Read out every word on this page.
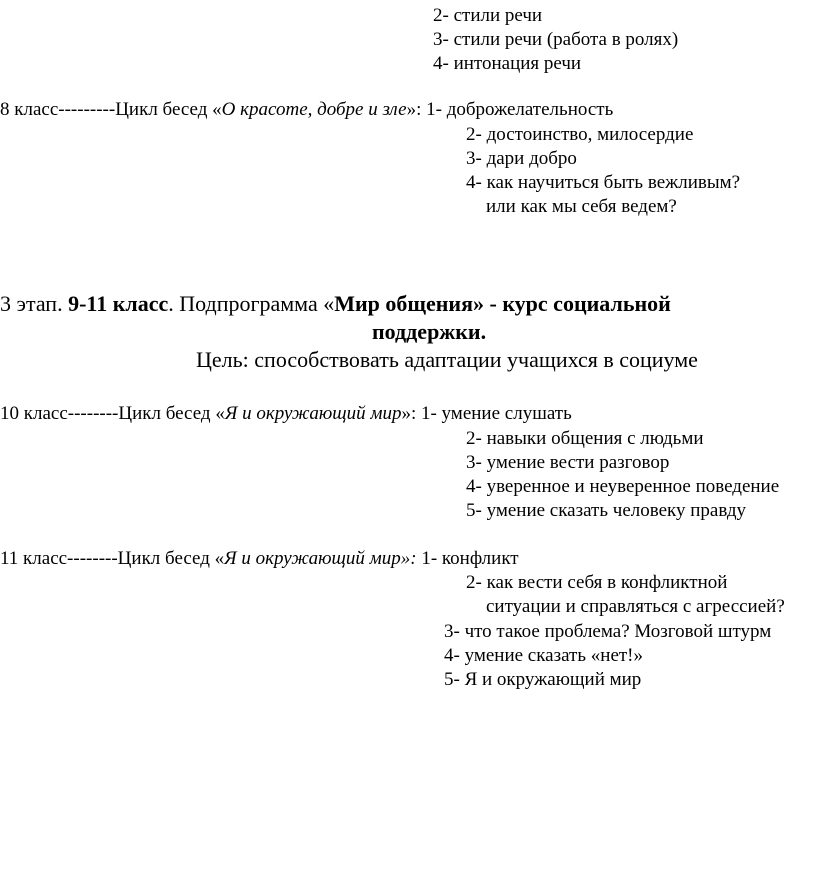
2- стили речи
3- стили речи (работа в ролях)
4- интонация речи
8 класс---------Цикл бесед «О красоте, добре и зле»: 1- доброжелательность
2- достоинство, милосердие
3- дари добро
4- как научиться быть вежливым?
или как мы себя ведем?
3 этап. 9-11 класс. Подпрограмма «Мир общения» - курс социальной
поддержки.
Цель: способствовать адаптации учащихся в социуме
10 класс--------Цикл бесед «Я и окружающий мир»: 1- умение слушать
2- навыки общения с людьми
3- умение вести разговор
4- уверенное и неуверенное поведение
5- умение сказать человеку правду
11 класс--------Цикл бесед «Я и окружающий мир»: 1- конфликт
2- как вести себя в конфликтной
ситуации и справляться с агрессией?
3- что такое проблема? Мозговой штурм
4- умение сказать «нет!»
5- Я и окружающий мир
